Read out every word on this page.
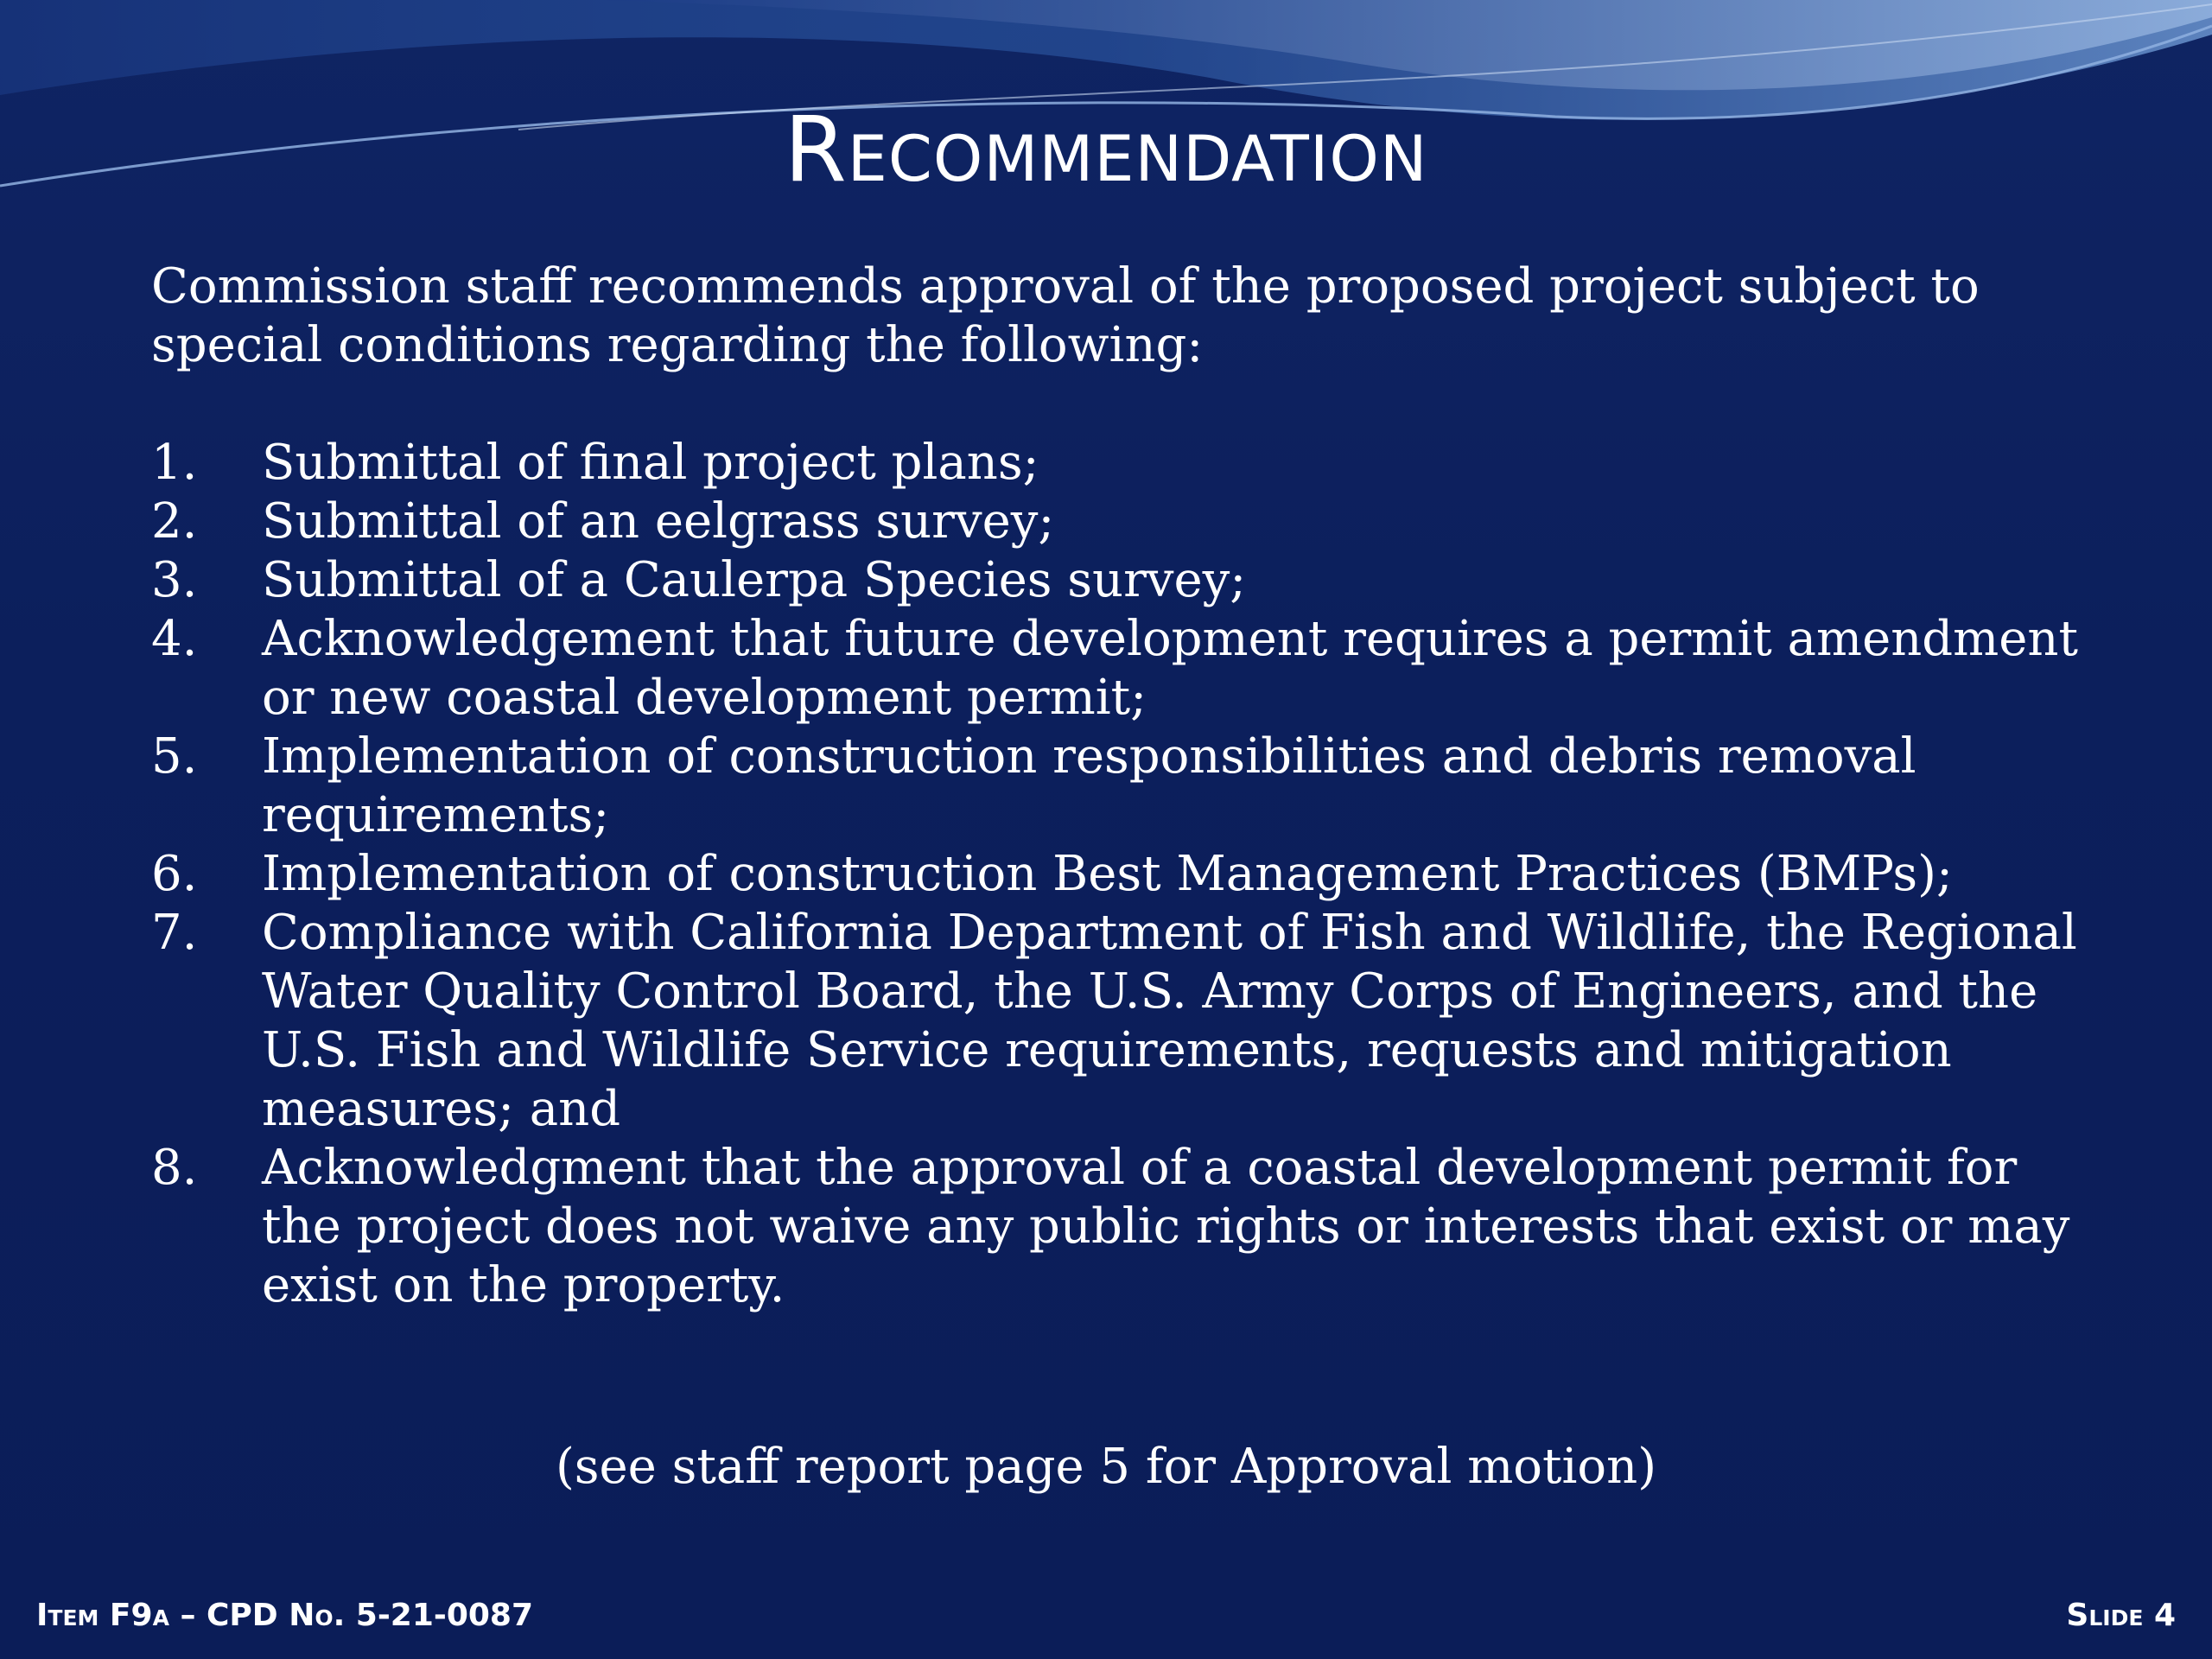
Recommendation

Commission staff recommends approval of the proposed project subject to special conditions regarding the following:

1. Submittal of final project plans;
2. Submittal of an eelgrass survey;
3. Submittal of a Caulerpa Species survey;
4. Acknowledgement that future development requires a permit amendment or new coastal development permit;
5. Implementation of construction responsibilities and debris removal requirements;
6. Implementation of construction Best Management Practices (BMPs);
7. Compliance with California Department of Fish and Wildlife, the Regional Water Quality Control Board, the U.S. Army Corps of Engineers, and the U.S. Fish and Wildlife Service requirements, requests and mitigation measures; and
8. Acknowledgment that the approval of a coastal development permit for the project does not waive any public rights or interests that exist or may exist on the property.
(see staff report page 5 for Approval motion)
Item F9a – CPD No. 5-21-0087	Slide 4
